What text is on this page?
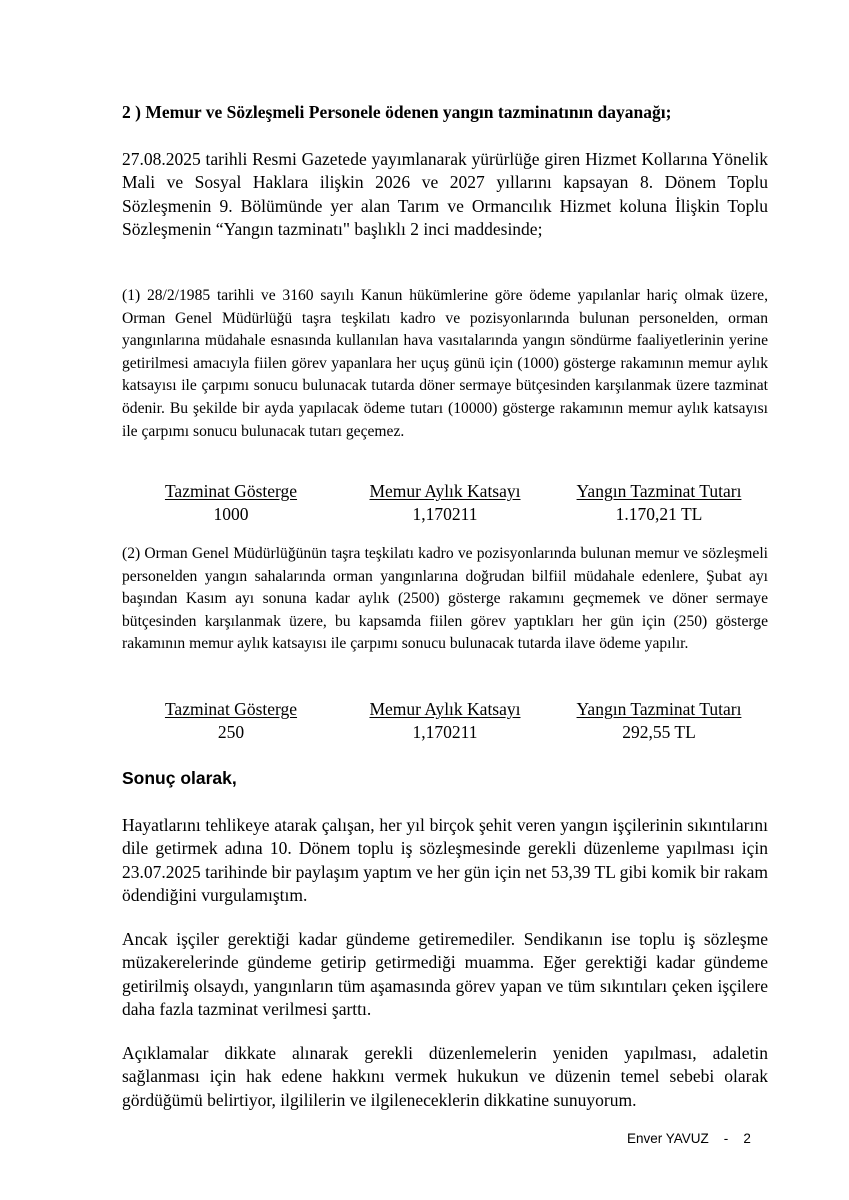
2 ) Memur ve Sözleşmeli Personele ödenen yangın tazminatının dayanağı;

27.08.2025 tarihli Resmi Gazetede yayımlanarak yürürlüğe giren Hizmet Kollarına Yönelik Mali ve Sosyal Haklara ilişkin 2026 ve 2027 yıllarını kapsayan 8. Dönem Toplu Sözleşmenin 9. Bölümünde yer alan Tarım ve Ormancılık Hizmet koluna İlişkin Toplu Sözleşmenin “Yangın tazminatı" başlıklı 2 inci maddesinde;

(1) 28/2/1985 tarihli ve 3160 sayılı Kanun hükümlerine göre ödeme yapılanlar hariç olmak üzere, Orman Genel Müdürlüğü taşra teşkilatı kadro ve pozisyonlarında bulunan personelden, orman yangınlarına müdahale esnasında kullanılan hava vasıtalarında yangın söndürme faaliyetlerinin yerine getirilmesi amacıyla fiilen görev yapanlara her uçuş günü için (1000) gösterge rakamının memur aylık katsayısı ile çarpımı sonucu bulunacak tutarda döner sermaye bütçesinden karşılanmak üzere tazminat ödenir. Bu şekilde bir ayda yapılacak ödeme tutarı (10000) gösterge rakamının memur aylık katsayısı ile çarpımı sonucu bulunacak tutarı geçemez.

Tazminat Gösterge	Memur Aylık Katsayı	Yangın Tazminat Tutarı
1000	1,170211	1.170,21 TL

(2) Orman Genel Müdürlüğünün taşra teşkilatı kadro ve pozisyonlarında bulunan memur ve sözleşmeli personelden yangın sahalarında orman yangınlarına doğrudan bilfiil müdahale edenlere, Şubat ayı başından Kasım ayı sonuna kadar aylık (2500) gösterge rakamını geçmemek ve döner sermaye bütçesinden karşılanmak üzere, bu kapsamda fiilen görev yaptıkları her gün için (250) gösterge rakamının memur aylık katsayısı ile çarpımı sonucu bulunacak tutarda ilave ödeme yapılır.

Tazminat Gösterge	Memur Aylık Katsayı	Yangın Tazminat Tutarı
250	1,170211	292,55 TL
Sonuç olarak,

Hayatlarını tehlikeye atarak çalışan, her yıl birçok şehit veren yangın işçilerinin sıkıntılarını dile getirmek adına 10. Dönem toplu iş sözleşmesinde gerekli düzenleme yapılması için 23.07.2025 tarihinde bir paylaşım yaptım ve her gün için net 53,39 TL gibi komik bir rakam ödendiğini vurgulamıştım.

Ancak işçiler gerektiği kadar gündeme getiremediler. Sendikanın ise toplu iş sözleşme müzakerelerinde gündeme getirip getirmediği muamma. Eğer gerektiği kadar gündeme getirilmiş olsaydı, yangınların tüm aşamasında görev yapan ve tüm sıkıntıları çeken işçilere daha fazla tazminat verilmesi şarttı.

Açıklamalar dikkate alınarak gerekli düzenlemelerin yeniden yapılması, adaletin sağlanması için hak edene hakkını vermek hukukun ve düzenin temel sebebi olarak gördüğümü belirtiyor, ilgililerin ve ilgileneceklerin dikkatine sunuyorum.

Enver YAVUZ - 2
